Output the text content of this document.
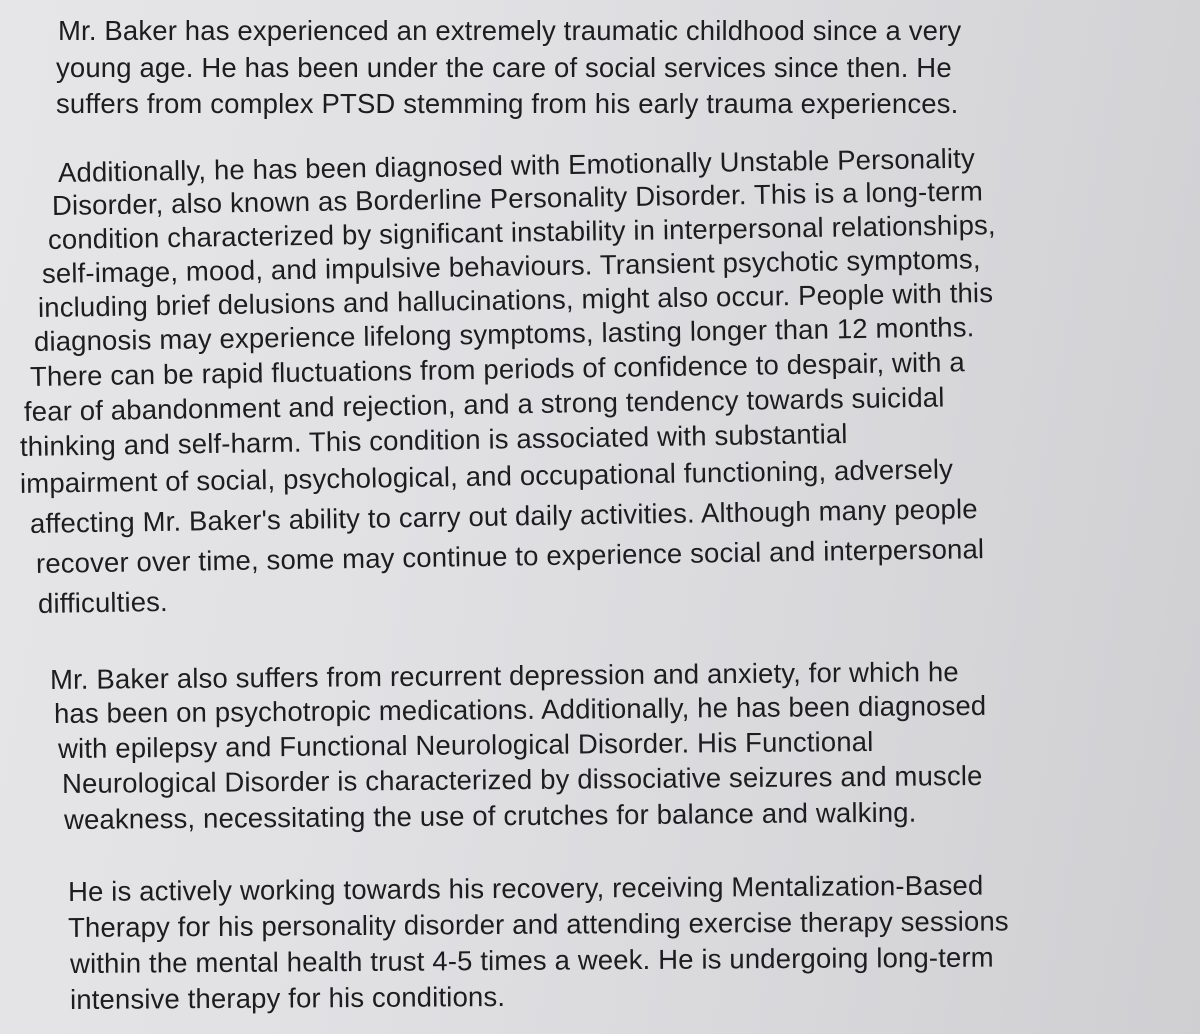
Mr. Baker has experienced an extremely traumatic childhood since a very
young age. He has been under the care of social services since then. He
suffers from complex PTSD stemming from his early trauma experiences.
Additionally, he has been diagnosed with Emotionally Unstable Personality
Disorder, also known as Borderline Personality Disorder. This is a long-term
condition characterized by significant instability in interpersonal relationships,
self-image, mood, and impulsive behaviours. Transient psychotic symptoms,
including brief delusions and hallucinations, might also occur. People with this
diagnosis may experience lifelong symptoms, lasting longer than 12 months.
There can be rapid fluctuations from periods of confidence to despair, with a
fear of abandonment and rejection, and a strong tendency towards suicidal
thinking and self-harm. This condition is associated with substantial
impairment of social, psychological, and occupational functioning, adversely
affecting Mr. Baker's ability to carry out daily activities. Although many people
recover over time, some may continue to experience social and interpersonal
difficulties.
Mr. Baker also suffers from recurrent depression and anxiety, for which he
has been on psychotropic medications. Additionally, he has been diagnosed
with epilepsy and Functional Neurological Disorder. His Functional
Neurological Disorder is characterized by dissociative seizures and muscle
weakness, necessitating the use of crutches for balance and walking.
He is actively working towards his recovery, receiving Mentalization-Based
Therapy for his personality disorder and attending exercise therapy sessions
within the mental health trust 4-5 times a week. He is undergoing long-term
intensive therapy for his conditions.
